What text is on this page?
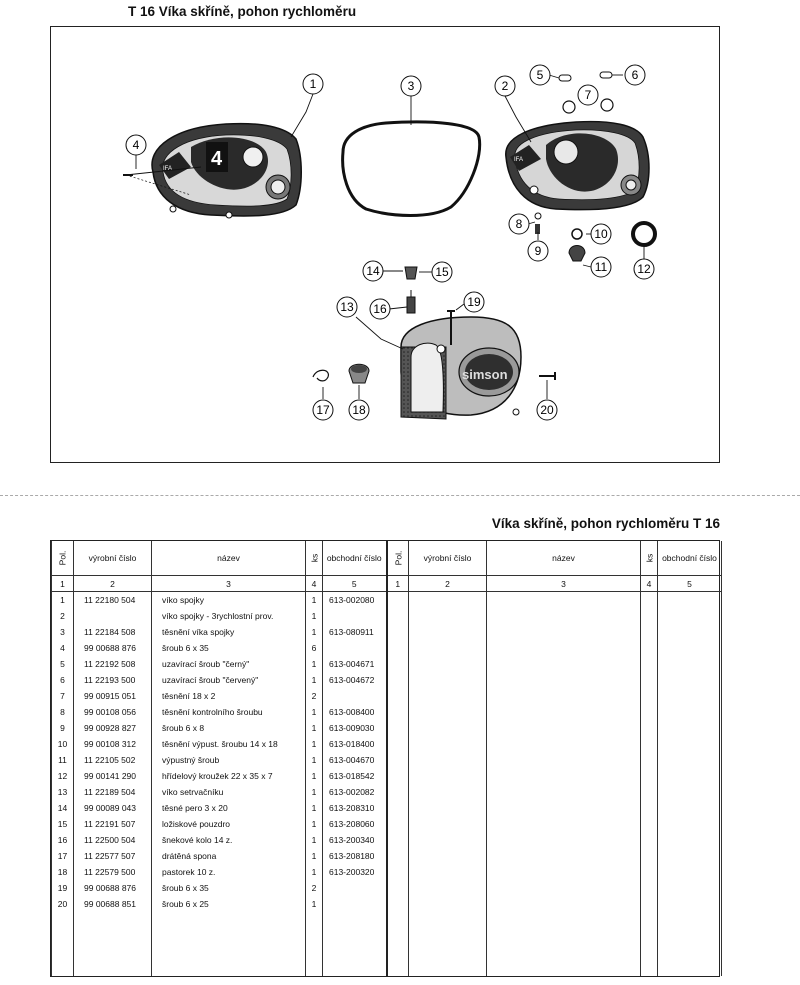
T 16 Víka skříně, pohon rychloměru
4
IFA
IFA
simson
1	2
3
4
5	6
7
8
9
10
11	12
13
14	15
16
17 18
19
20
Víka skříně, pohon rychloměru T 16
Pol.	výrobní číslo	název	ks	obchodní číslo	Pol.	výrobní číslo	název	ks	obchodní číslo
1	2	3	4	5	1	2	3	4	5
1	11 22180 504	víko spojky	1	613-002080					
2		víko spojky - 3rychlostní prov.	1						
3	11 22184 508	těsnění víka spojky	1	613-080911					
4	99 00688 876	šroub 6 x 35	6						
5	11 22192 508	uzavírací šroub "černý"	1	613-004671					
6	11 22193 500	uzavírací šroub "červený"	1	613-004672					
7	99 00915 051	těsnění 18 x 2	2						
8	99 00108 056	těsnění kontrolního šroubu	1	613-008400					
9	99 00928 827	šroub 6 x 8	1	613-009030					
10	99 00108 312	těsnění výpust. šroubu 14 x 18	1	613-018400					
11	11 22105 502	výpustný šroub	1	613-004670					
12	99 00141 290	hřídelový kroužek 22 x 35 x 7	1	613-018542					
13	11 22189 504	víko setrvačníku	1	613-002082					
14	99 00089 043	těsné pero 3 x 20	1	613-208310					
15	11 22191 507	ložiskové pouzdro	1	613-208060					
16	11 22500 504	šnekové kolo 14 z.	1	613-200340					
17	11 22577 507	drátěná spona	1	613-208180					
18	11 22579 500	pastorek 10 z.	1	613-200320					
19	99 00688 876	šroub 6 x 35	2						
20	99 00688 851	šroub 6 x 25	1						
